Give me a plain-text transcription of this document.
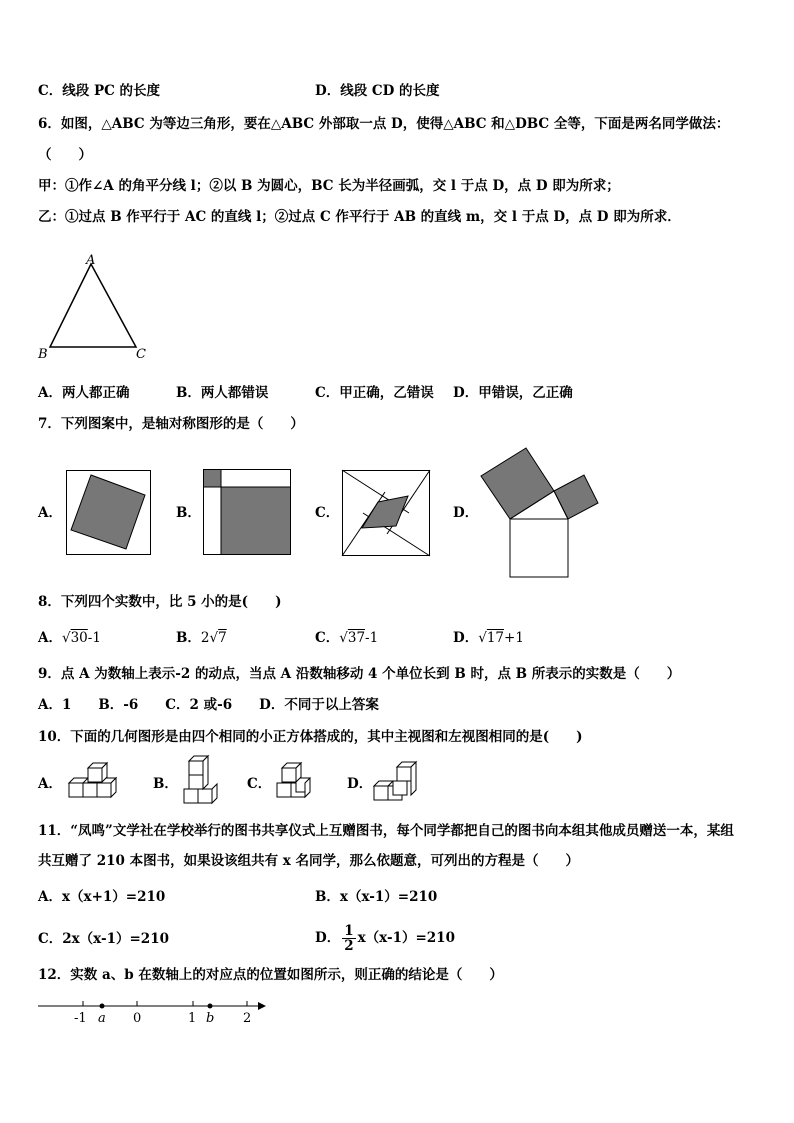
C．线段 PC 的长度	D．线段 CD 的长度
6．如图，△ABC 为等边三角形，要在△ABC 外部取一点 D，使得△ABC 和△DBC 全等，下面是两名同学做法：
（　　）
甲：①作∠A 的角平分线 l；②以 B 为圆心，BC 长为半径画弧，交 l 于点 D，点 D 即为所求；
乙：①过点 B 作平行于 AC 的直线 l；②过点 C 作平行于 AB 的直线 m，交 l 于点 D，点 D 即为所求．
A
B	C
A．两人都正确	B．两人都错误	C．甲正确，乙错误 D．甲错误，乙正确
7．下列图案中，是轴对称图形的是（　　）
A．	B．	C．	D．
8．下列四个实数中，比 5 小的是(　　)
A．√30-1	B．2√7	C．√37-1	D．√17+1
9．点 A 为数轴上表示-2 的动点，当点 A 沿数轴移动 4 个单位长到 B 时，点 B 所表示的实数是（　　）
A．1　　B．-6　　C．2 或-6　　D．不同于以上答案
10．下面的几何图形是由四个相同的小正方体搭成的，其中主视图和左视图相同的是(　　)
A．	B．	C．	D．
11．“凤鸣”文学社在学校举行的图书共享仪式上互赠图书，每个同学都把自己的图书向本组其他成员赠送一本，某组
共互赠了 210 本图书，如果设该组共有 x 名同学，那么依题意，可列出的方程是（　　）
A．x（x+1）=210	B．x（x-1）=210
C．2x（x-1）=210	D． $\frac{1}{2} x(x-1)=210$
12．实数 a、b 在数轴上的对应点的位置如图所示，则正确的结论是（　　）
-1	0	1	2
a	b
